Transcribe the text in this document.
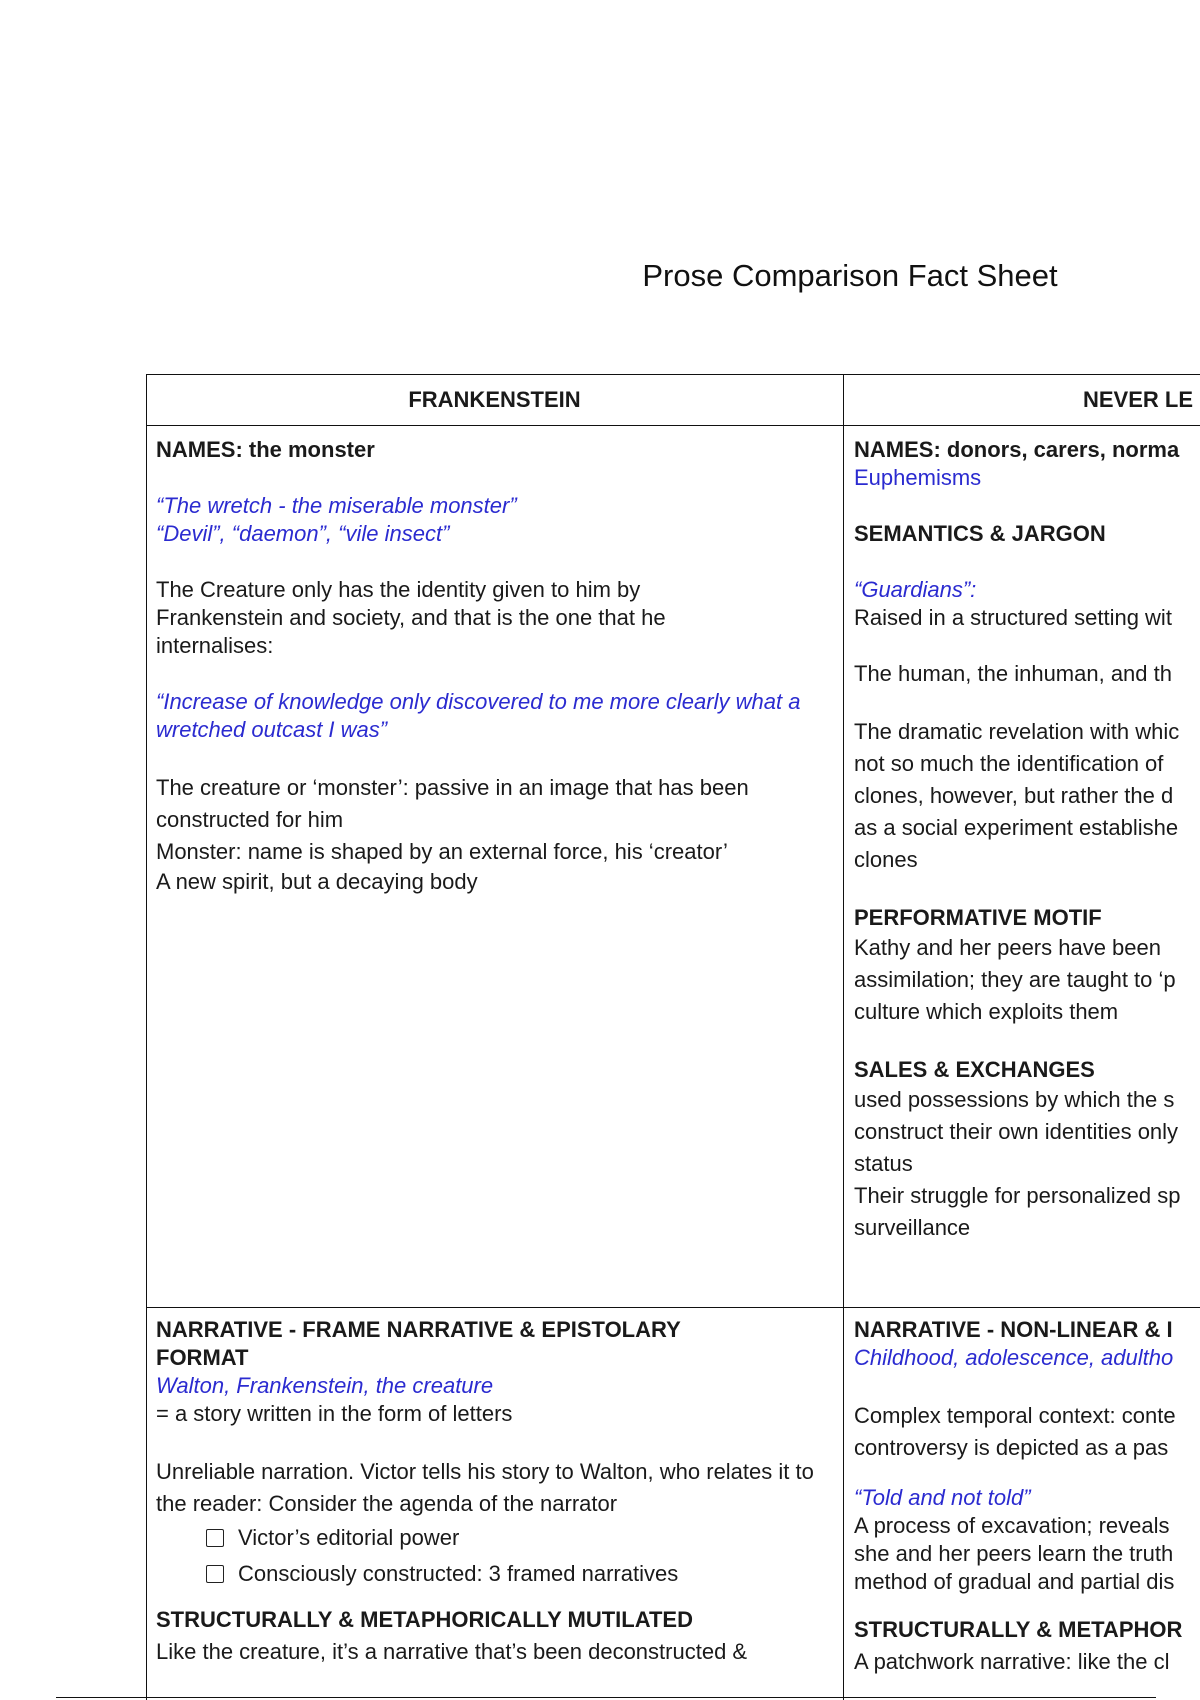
Prose Comparison Fact Sheet
FRANKENSTEIN	NEVER LE

NAMES: the monster

“The wretch - the miserable monster”

“Devil”, “daemon”, “vile insect”

The Creature only has the identity given to him by Frankenstein and society, and that is the one that he internalises:

“Increase of knowledge only discovered to me more clearly what a wretched outcast I was”

The creature or ‘monster’: passive in an image that has been constructed for him

Monster: name is shaped by an external force, his ‘creator’

A new spirit, but a decaying body

NAMES: donors, carers, norma

Euphemisms

SEMANTICS & JARGON

“Guardians”:

Raised in a structured setting wit

The human, the inhuman, and th

The dramatic revelation with whic

not so much the identification of

clones, however, but rather the d

as a social experiment establishe

clones

PERFORMATIVE MOTIF

Kathy and her peers have been

assimilation; they are taught to ‘p

culture which exploits them

SALES & EXCHANGES

used possessions by which the s

construct their own identities only

status

Their struggle for personalized sp

surveillance

NARRATIVE - FRAME NARRATIVE & EPISTOLARY FORMAT

Walton, Frankenstein, the creature

= a story written in the form of letters

Unreliable narration. Victor tells his story to Walton, who relates it to the reader: Consider the agenda of the narrator

Victor’s editorial power
Consciously constructed: 3 framed narratives

STRUCTURALLY & METAPHORICALLY MUTILATED

Like the creature, it’s a narrative that’s been deconstructed &

NARRATIVE - NON-LINEAR & I

Childhood, adolescence, adultho

Complex temporal context: conte

controversy is depicted as a pas

“Told and not told”

A process of excavation; reveals

she and her peers learn the truth

method of gradual and partial dis

STRUCTURALLY & METAPHOR

A patchwork narrative: like the cl
